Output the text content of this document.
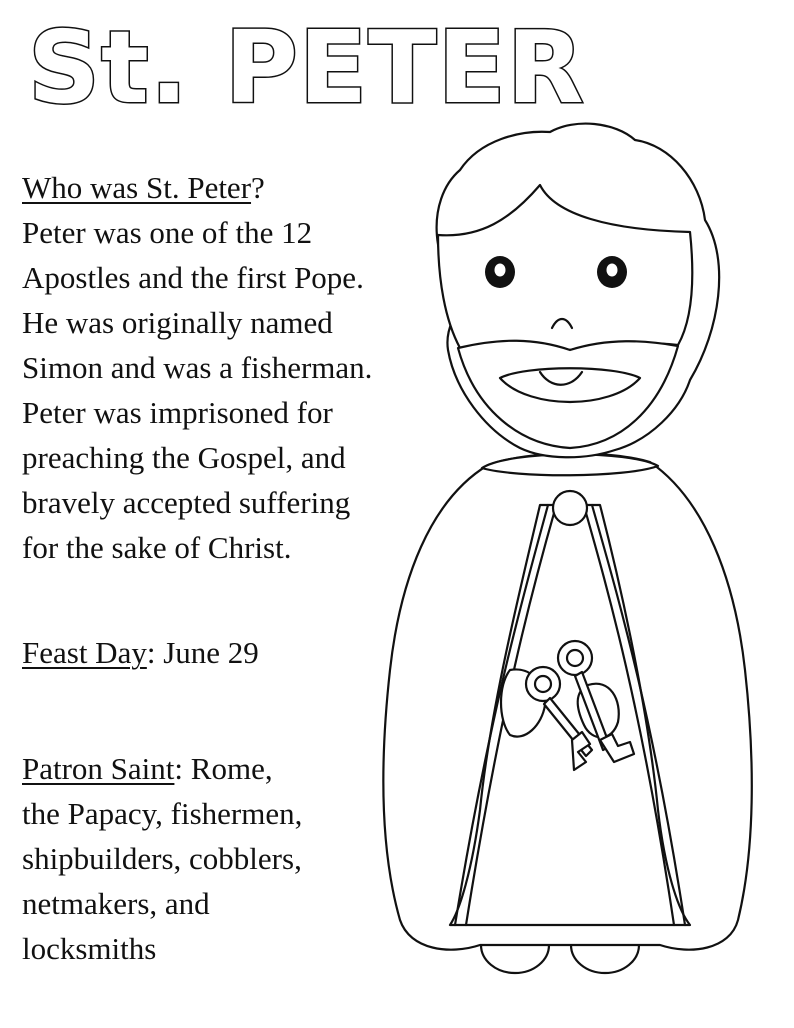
St. PETER

Who was St. Peter?

Peter was one of the 12
Apostles and the first Pope.
He was originally named
Simon and was a fisherman.
Peter was imprisoned for
preaching the Gospel, and
bravely accepted suffering
for the sake of Christ.

Feast Day: June 29

Patron Saint: Rome,

the Papacy, fishermen,
shipbuilders, cobblers,
netmakers, and
locksmiths
